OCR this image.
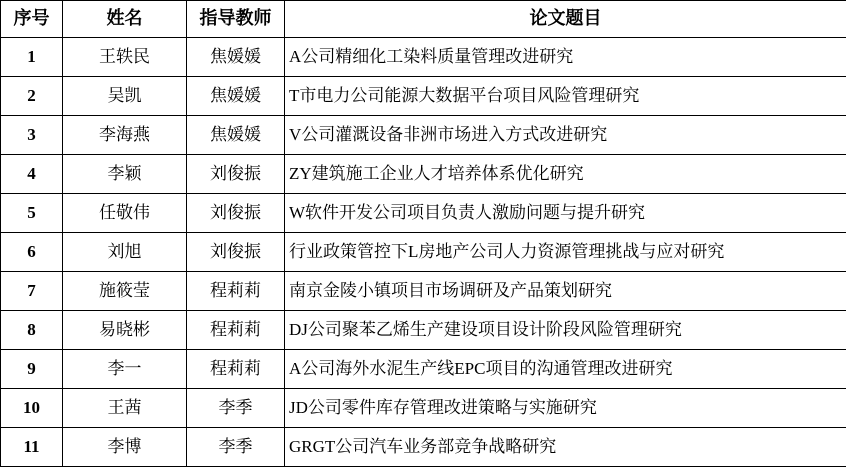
序号	姓名	指导教师	论文题目
1	王轶民	焦媛媛	A公司精细化工染料质量管理改进研究
2	吴凯	焦媛媛	T市电力公司能源大数据平台项目风险管理研究
3	李海燕	焦媛媛	V公司灌溉设备非洲市场进入方式改进研究
4	李颖	刘俊振	ZY建筑施工企业人才培养体系优化研究
5	任敬伟	刘俊振	W软件开发公司项目负责人激励问题与提升研究
6	刘旭	刘俊振	行业政策管控下L房地产公司人力资源管理挑战与应对研究
7	施筱莹	程莉莉	南京金陵小镇项目市场调研及产品策划研究
8	易晓彬	程莉莉	DJ公司聚苯乙烯生产建设项目设计阶段风险管理研究
9	李一	程莉莉	A公司海外水泥生产线EPC项目的沟通管理改进研究
10	王茜	李季	JD公司零件库存管理改进策略与实施研究
11	李博	李季	GRGT公司汽车业务部竞争战略研究
